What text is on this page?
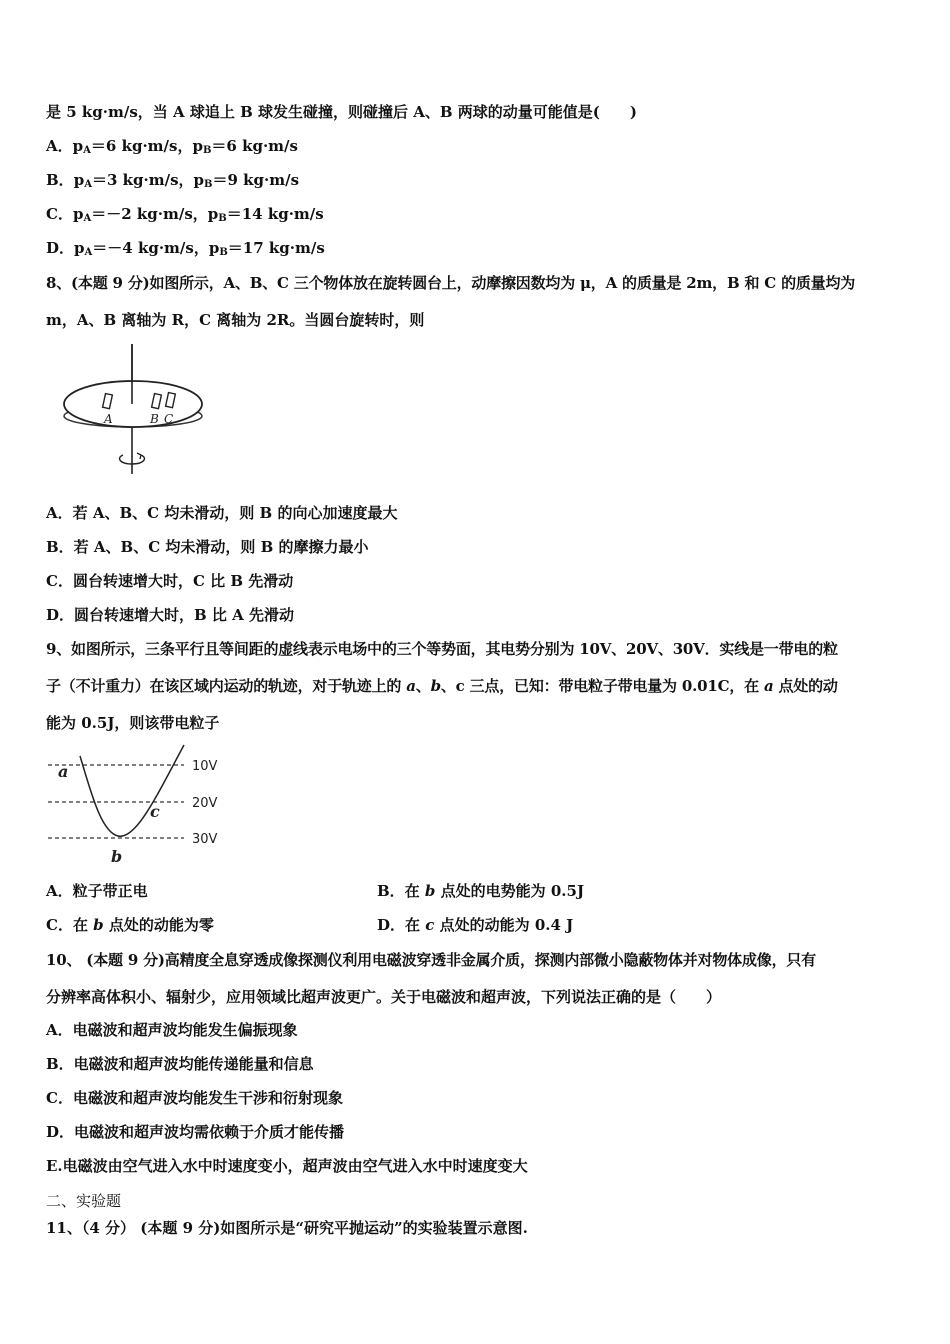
是 5 kg·m/s，当 A 球追上 B 球发生碰撞，则碰撞后 A、B 两球的动量可能值是(　　)
A．$p_A=6$ kg·m/s，$p_B=6$ kg·m/s
B．$p_A=3$ kg·m/s，$p_B=9$ kg·m/s
C．$p_A=-2$ kg·m/s，$p_B=14$ kg·m/s
D．$p_A=-4$ kg·m/s，$p_B=17$ kg·m/s
8、(本题 9 分)如图所示，A、B、C 三个物体放在旋转圆台上，动摩擦因数均为 μ，A 的质量是 2m，B 和 C 的质量均为
m，A、B 离轴为 R，C 离轴为 2R。当圆台旋转时，则
A	B C
A．若 A、B、C 均未滑动，则 B 的向心加速度最大
B．若 A、B、C 均未滑动，则 B 的摩擦力最小
C．圆台转速增大时，C 比 B 先滑动
D．圆台转速增大时，B 比 A 先滑动
9、如图所示，三条平行且等间距的虚线表示电场中的三个等势面，其电势分别为 10V、20V、30V．实线是一带电的粒
子（不计重力）在该区域内运动的轨迹，对于轨迹上的 a、b、c 三点，已知：带电粒子带电量为 0.01C，在 a 点处的动
能为 0.5J，则该带电粒子
10V
20V
30V
a
b
c
A．粒子带正电	B．在 b 点处的电势能为 0.5J
C．在 b 点处的动能为零	D．在 c 点处的动能为 0.4 J
10、 (本题 9 分)高精度全息穿透成像探测仪利用电磁波穿透非金属介质，探测内部微小隐蔽物体并对物体成像，只有
分辨率高体积小、辐射少，应用领域比超声波更广。关于电磁波和超声波，下列说法正确的是（　　）
A．电磁波和超声波均能发生偏振现象
B．电磁波和超声波均能传递能量和信息
C．电磁波和超声波均能发生干涉和衍射现象
D．电磁波和超声波均需依赖于介质才能传播
E.电磁波由空气进入水中时速度变小，超声波由空气进入水中时速度变大
二、实验题
11、（4 分） (本题 9 分)如图所示是“研究平抛运动”的实验装置示意图.
